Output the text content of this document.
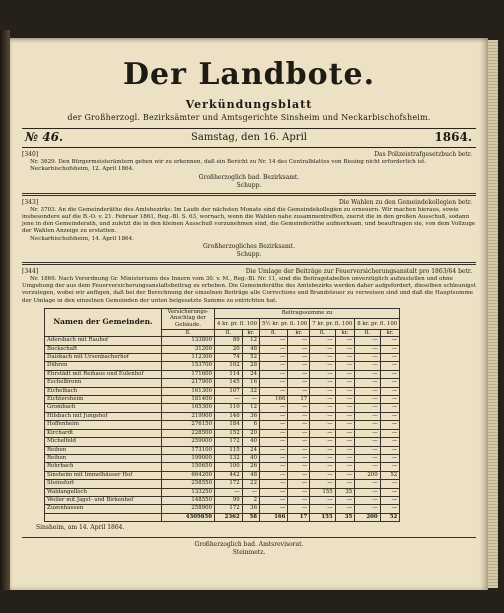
Der Landbote.
Verkündungsblatt
der Großherzogl. Bezirksämter und Amtsgerichte Sinsheim und Neckarbischofsheim.
№ 46.	Samstag, den 16. April	1864.
[340]	Das Polizeistrafgesetzbuch betr.

Nr. 3629. Den Bürgermeisterämtern geben wir zu erkennen, daß ein Bericht zu Nr. 14 des Centralblattes von Bissing nicht erforderlich ist.

Neckarbischofsheim, 12. April 1864.

Großherzoglich bad. Bezirksamt.
Schupp.
[343]	Die Wahlen zu den Gemeindekollegien betr.

Nr. 3703. An die Gemeinderäthe des Amtsbezirks: Im Laufe der nächsten Monate sind die Gemeindekollegien zu erneuern. Wir machen hieraus, sowie insbesondere auf die B.-O. v. 21. Februar 1861, Reg.-Bl. S. 63, wornach, wenn die Wahlen nahe zusammentreffen, zuerst die in den großen Ausschuß, sodann jene in den Gemeinderath, und zuletzt die in den kleinen Ausschuß vorzunehmen sind, die Gemeinderäthe aufmerksam, und beauftragen sie, von dem Vollzuge der Wahlen Anzeige zu erstatten.

Neckarbischofsheim, 14. April 1864.

Großherzogliches Bezirksamt.
Schupp.
[344]	Die Umlage der Beiträge zur Feuerversicherungsanstalt pro 1863/64 betr.

Nr. 1869. Nach Verordnung Gr. Ministeriums des Innern vom 30. v. M., Reg.-Bl. Nr. 11, sind die Beitragstabellen unverzüglich aufzustellen und ohne Umgehung der aus dem Feuerversicherungsanstaltsbeitrag zu erheben. Die Gemeinderäthe des Amtsbezirks werden daher aufgefordert, dieselben schleunigst vorzulegen, wobei wir anfügen, daß bei der Berechnung der einzelnen Beiträge alle Corrections und Brandsteuer zu verweisen sind und daß die Hauptsumme der Umlage in den einzelnen Gemeinden der unten beigesetzte Summe zu entrichten hat.

Namen der Gemeinden.	Versicherungs-Anschlag der Gebäude.	Beitragssumme zu							
		4 kr. pr. fl. 100		5½ kr. pr. fl. 100		7 kr. pr. fl. 100		8 kr. pr. fl. 100	
	fl.	fl.	kr.	fl.	kr.	fl.	kr.	fl.	kr.
Adersbach mit Rauhof	133800	89	12	—	—	—	—	—	—
Bockschaft	31200	20	48	—	—	—	—	—	—
Daisbach mit Ursenbacherhof	112300	74	52	—	—	—	—	—	—
Dühren	153700	102	28	—	—	—	—	—	—
Ehrstädt mit Reihaus und Eulenhof	171600	114	24	—	—	—	—	—	—
Eschelbronn	217900	145	16	—	—	—	—	—	—
Eichelbach	161300	107	32	—	—	—	—	—	—
Eichtersheim	181400	—	—	166	17	—	—	—	—
Grombach	165300	110	12	—	—	—	—	—	—
Hilsbach mit Jungshof	219900	146	36	—	—	—	—	—	—
Hoffenheim	276150	184	6	—	—	—	—	—	—
Kirchardt	228500	152	20	—	—	—	—	—	—
Michelfeld	259000	172	40	—	—	—	—	—	—
Reihen	173100	115	24	—	—	—	—	—	—
Reihen	199000	132	40	—	—	—	—	—	—
Rohrbach	150650	100	26	—	—	—	—	—	—
Sinsheim mit Immelhäuser Hof	664200	442	48	—	—	—	—	200	52
Steinsfurt	258550	172	22	—	—	—	—	—	—
Waldangelloch	133250	—	—	—	—	155	35	—	—
Weiler mit Jagst- und Birkenhof	148550	99	2	—	—	—	—	—	—
Zuzenhausen	258900	172	36	—	—	—	—	—	—
	4309850	2362	58	166	17	155	35	200	52
Sinsheim, am 14. April 1864.
Großherzoglich bad. Amtsrevisorat.
Steinmetz.
